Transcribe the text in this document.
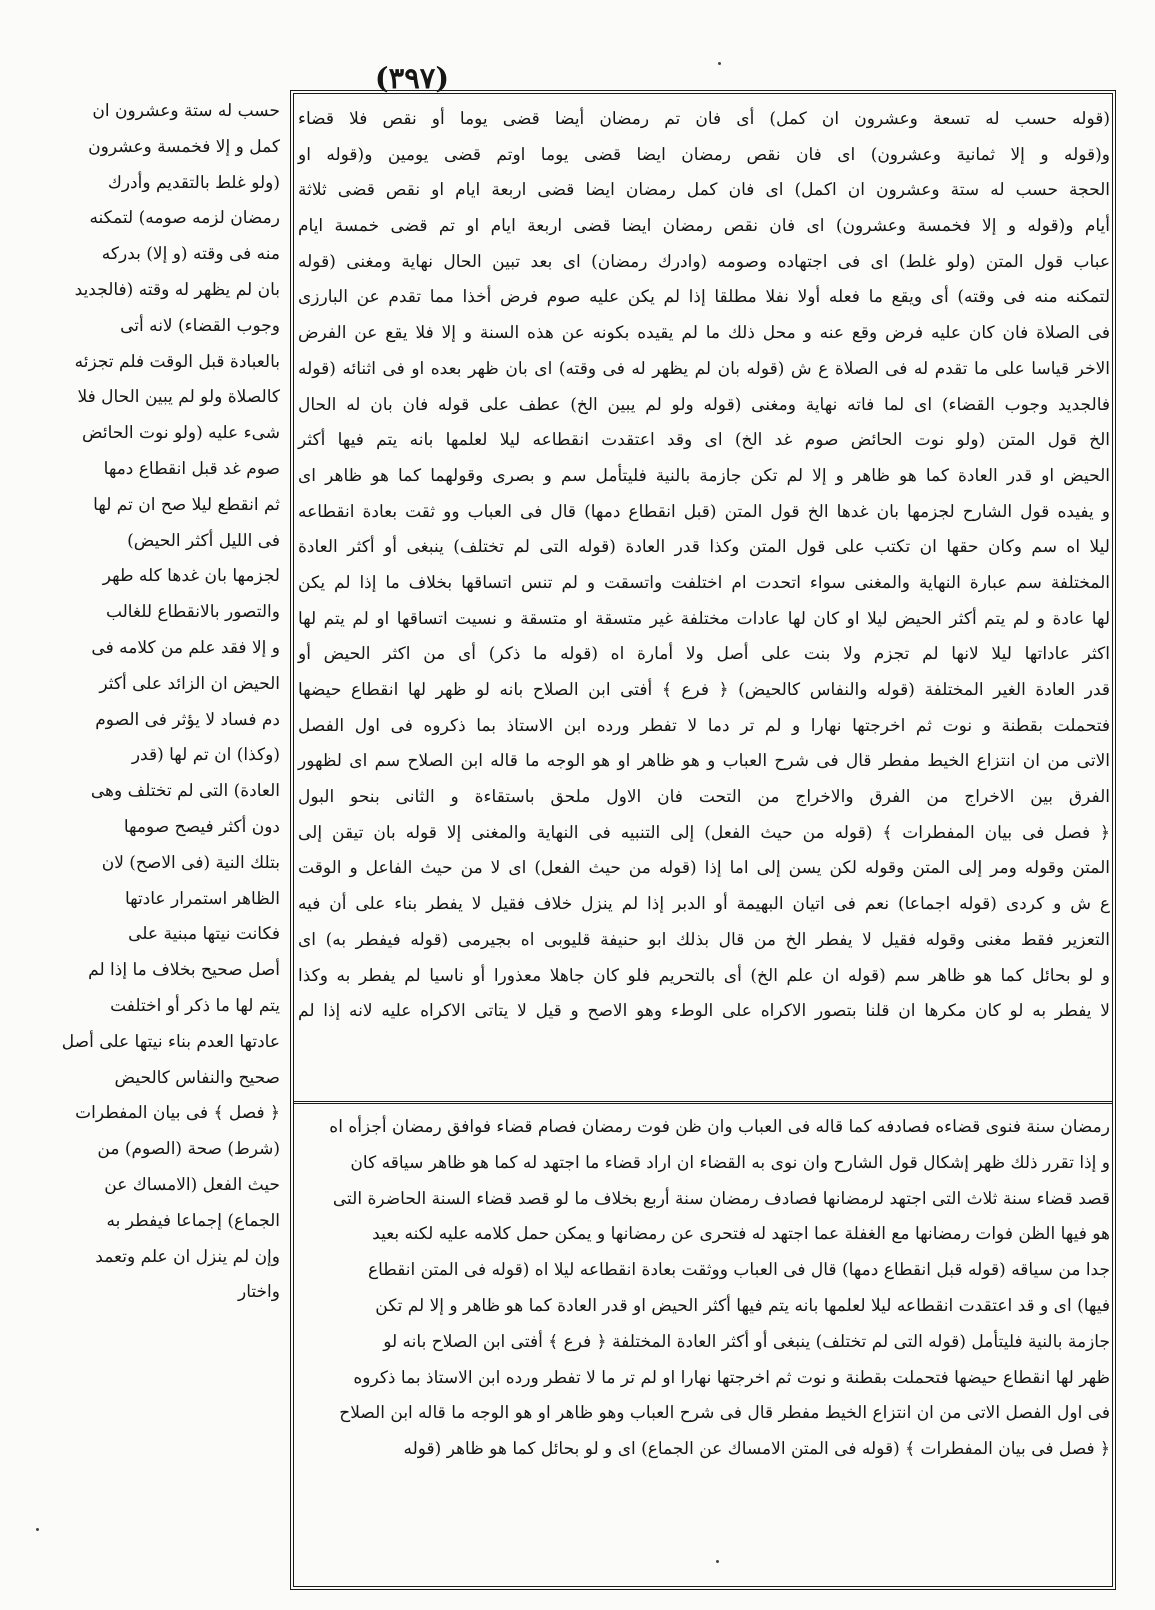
(٣٩٧)
(قوله حسب له تسعة وعشرون ان كمل) أى فان تم رمضان أيضا قضى يوما أو نقص فلا قضاء
و(قوله و إلا ثمانية وعشرون) اى فان نقص رمضان ايضا قضى يوما اوتم قضى يومين و(قوله او
الحجة حسب له ستة وعشرون ان اكمل) اى فان كمل رمضان ايضا قضى اربعة ايام او نقص قضى ثلاثة
أيام و(قوله و إلا فخمسة وعشرون) اى فان نقص رمضان ايضا قضى اربعة ايام او تم قضى خمسة ايام
عباب قول المتن (ولو غلط) اى فى اجتهاده وصومه (وادرك رمضان) اى بعد تبين الحال نهاية ومغنى (قوله
لتمكنه منه فى وقته) أى ويقع ما فعله أولا نفلا مطلقا إذا لم يكن عليه صوم فرض أخذا مما تقدم عن البارزى
فى الصلاة فان كان عليه فرض وقع عنه و محل ذلك ما لم يقيده بكونه عن هذه السنة و إلا فلا يقع عن الفرض
الاخر قياسا على ما تقدم له فى الصلاة ع ش (قوله بان لم يظهر له فى وقته) اى بان ظهر بعده او فى اثنائه (قوله
فالجديد وجوب القضاء) اى لما فاته نهاية ومغنى (قوله ولو لم يبين الخ) عطف على قوله فان بان له الحال
الخ قول المتن (ولو نوت الحائض صوم غد الخ) اى وقد اعتقدت انقطاعه ليلا لعلمها بانه يتم فيها أكثر
الحيض او قدر العادة كما هو ظاهر و إلا لم تكن جازمة بالنية فليتأمل سم و بصرى وقولهما كما هو ظاهر اى
و يفيده قول الشارح لجزمها بان غدها الخ قول المتن (قبل انقطاع دمها) قال فى العباب وو ثقت بعادة انقطاعه
ليلا اه سم وكان حقها ان تكتب على قول المتن وكذا قدر العادة (قوله التى لم تختلف) ينبغى أو أكثر العادة
المختلفة سم عبارة النهاية والمغنى سواء اتحدت ام اختلفت واتسقت و لم تنس اتساقها بخلاف ما إذا لم يكن
لها عادة و لم يتم أكثر الحيض ليلا او كان لها عادات مختلفة غير متسقة او متسقة و نسيت اتساقها او لم يتم لها
اكثر عاداتها ليلا لانها لم تجزم ولا بنت على أصل ولا أمارة اه (قوله ما ذكر) أى من اكثر الحيض أو
قدر العادة الغير المختلفة (قوله والنفاس كالحيض) ﴿ فرع ﴾ أفتى ابن الصلاح بانه لو ظهر لها انقطاع حيضها
فتحملت بقطنة و نوت ثم اخرجتها نهارا و لم تر دما لا تفطر ورده ابن الاستاذ بما ذكروه فى اول الفصل
الاتى من ان انتزاع الخيط مفطر قال فى شرح العباب و هو ظاهر او هو الوجه ما قاله ابن الصلاح سم اى لظهور
الفرق بين الاخراج من الفرق والاخراج من التحت فان الاول ملحق باستقاءة و الثانى بنحو البول
﴿ فصل فى بيان المفطرات ﴾ (قوله من حيث الفعل) إلى التنبيه فى النهاية والمغنى إلا قوله بان تيقن إلى
المتن وقوله ومر إلى المتن وقوله لكن يسن إلى اما إذا (قوله من حيث الفعل) اى لا من حيث الفاعل و الوقت
ع ش و كردى (قوله اجماعا) نعم فى اتيان البهيمة أو الدبر إذا لم ينزل خلاف فقيل لا يفطر بناء على أن فيه
التعزير فقط مغنى وقوله فقيل لا يفطر الخ من قال بذلك ابو حنيفة قليوبى اه بجيرمى (قوله فيفطر به) اى
و لو بحائل كما هو ظاهر سم (قوله ان علم الخ) أى بالتحريم فلو كان جاهلا معذورا أو ناسيا لم يفطر به وكذا
لا يفطر به لو كان مكرها ان قلنا بتصور الاكراه على الوطء وهو الاصح و قيل لا يتاتى الاكراه عليه لانه إذا لم
رمضان سنة فنوى قضاءه فصادفه كما قاله فى العباب وان ظن فوت رمضان فصام قضاء فوافق رمضان أجزأه اه
و إذا تقرر ذلك ظهر إشكال قول الشارح وان نوى به القضاء ان اراد قضاء ما اجتهد له كما هو ظاهر سياقه كان
قصد قضاء سنة ثلاث التى اجتهد لرمضانها فصادف رمضان سنة أربع بخلاف ما لو قصد قضاء السنة الحاضرة التى
هو فيها الظن فوات رمضانها مع الغفلة عما اجتهد له فتحرى عن رمضانها و يمكن حمل كلامه عليه لكنه بعيد
جدا من سياقه (قوله قبل انقطاع دمها) قال فى العباب ووثقت بعادة انقطاعه ليلا اه (قوله فى المتن انقطاع
فيها) اى و قد اعتقدت انقطاعه ليلا لعلمها بانه يتم فيها أكثر الحيض او قدر العادة كما هو ظاهر و إلا لم تكن
جازمة بالنية فليتأمل (قوله التى لم تختلف) ينبغى أو أكثر العادة المختلفة ﴿ فرع ﴾ أفتى ابن الصلاح بانه لو
ظهر لها انقطاع حيضها فتحملت بقطنة و نوت ثم اخرجتها نهارا او لم تر ما لا تفطر ورده ابن الاستاذ بما ذكروه
فى اول الفصل الاتى من ان انتزاع الخيط مفطر قال فى شرح العباب وهو ظاهر او هو الوجه ما قاله ابن الصلاح
﴿ فصل فى بيان المفطرات ﴾ (قوله فى المتن الامساك عن الجماع) اى و لو بحائل كما هو ظاهر (قوله
حسب له ستة وعشرون ان
كمل و إلا فخمسة وعشرون
(ولو غلط بالتقديم وأدرك
رمضان لزمه صومه) لتمكنه
منه فى وقته (و إلا) بدركه
بان لم يظهر له وقته (فالجديد
وجوب القضاء) لانه أتى
بالعبادة قبل الوقت فلم تجزئه
كالصلاة ولو لم يبين الحال فلا
شىء عليه (ولو نوت الحائض
صوم غد قبل انقطاع دمها
ثم انقطع ليلا صح ان تم لها
فى الليل أكثر الحيض)
لجزمها بان غدها كله طهر
والتصور بالانقطاع للغالب
و إلا فقد علم من كلامه فى
الحيض ان الزائد على أكثر
دم فساد لا يؤثر فى الصوم
(وكذا) ان تم لها (قدر
العادة) التى لم تختلف وهى
دون أكثر فيصح صومها
بتلك النية (فى الاصح) لان
الظاهر استمرار عادتها
فكانت نيتها مبنية على
أصل صحيح بخلاف ما إذا لم
يتم لها ما ذكر أو اختلفت
عادتها العدم بناء نيتها على أصل
صحيح والنفاس كالحيض
﴿ فصل ﴾ فى بيان المفطرات
(شرط) صحة (الصوم) من
حيث الفعل (الامساك عن
الجماع) إجماعا فيفطر به
وإن لم ينزل ان علم وتعمد
واختار
